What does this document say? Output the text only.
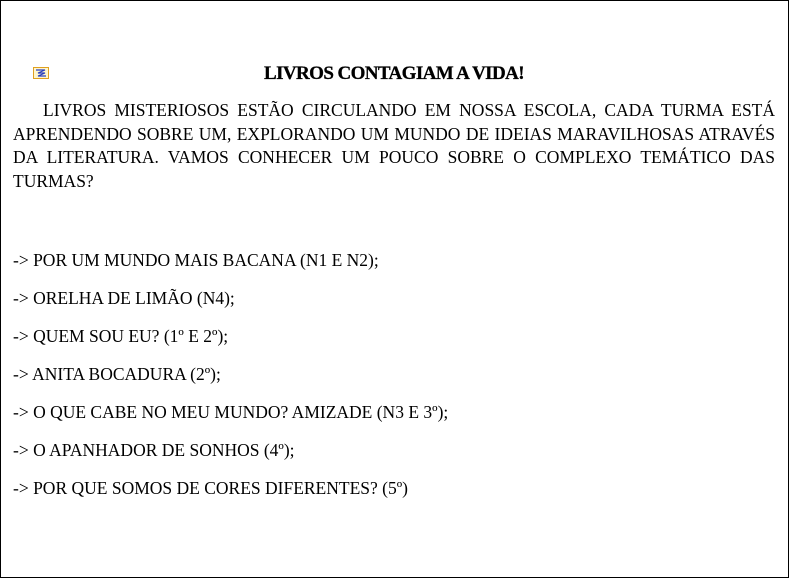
LIVROS CONTAGIAM A VIDA!

LIVROS MISTERIOSOS ESTÃO CIRCULANDO EM NOSSA ESCOLA, CADA TURMA ESTÁ APRENDENDO SOBRE UM, EXPLORANDO UM MUNDO DE IDEIAS MARAVILHOSAS ATRAVÉS DA LITERATURA. VAMOS CONHECER UM POUCO SOBRE O COMPLEXO TEMÁTICO DAS TURMAS?

-> POR UM MUNDO MAIS BACANA (N1 E N2);
-> ORELHA DE LIMÃO (N4);
-> QUEM SOU EU? (1º E 2º);
-> ANITA BOCADURA (2º);
-> O QUE CABE NO MEU MUNDO? AMIZADE (N3 E 3º);
-> O APANHADOR DE SONHOS (4º);
-> POR QUE SOMOS DE CORES DIFERENTES? (5º)
